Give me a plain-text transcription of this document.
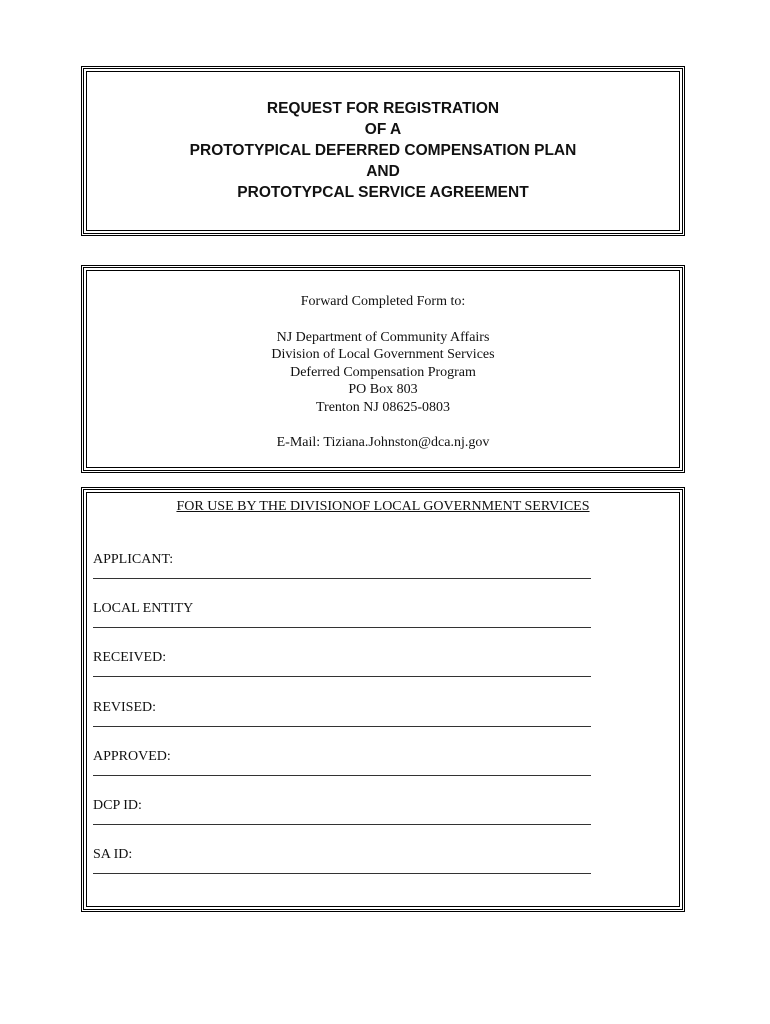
REQUEST FOR REGISTRATION
OF A
PROTOTYPICAL DEFERRED COMPENSATION PLAN
AND
PROTOTYPCAL SERVICE AGREEMENT
Forward Completed Form to:
NJ Department of Community Affairs
Division of Local Government Services
Deferred Compensation Program
PO Box 803
Trenton NJ 08625-0803
E-Mail: Tiziana.Johnston@dca.nj.gov
FOR USE BY THE DIVISIONOF LOCAL GOVERNMENT SERVICES
APPLICANT:
LOCAL ENTITY
RECEIVED:
REVISED:
APPROVED:
DCP ID:
SA ID:
